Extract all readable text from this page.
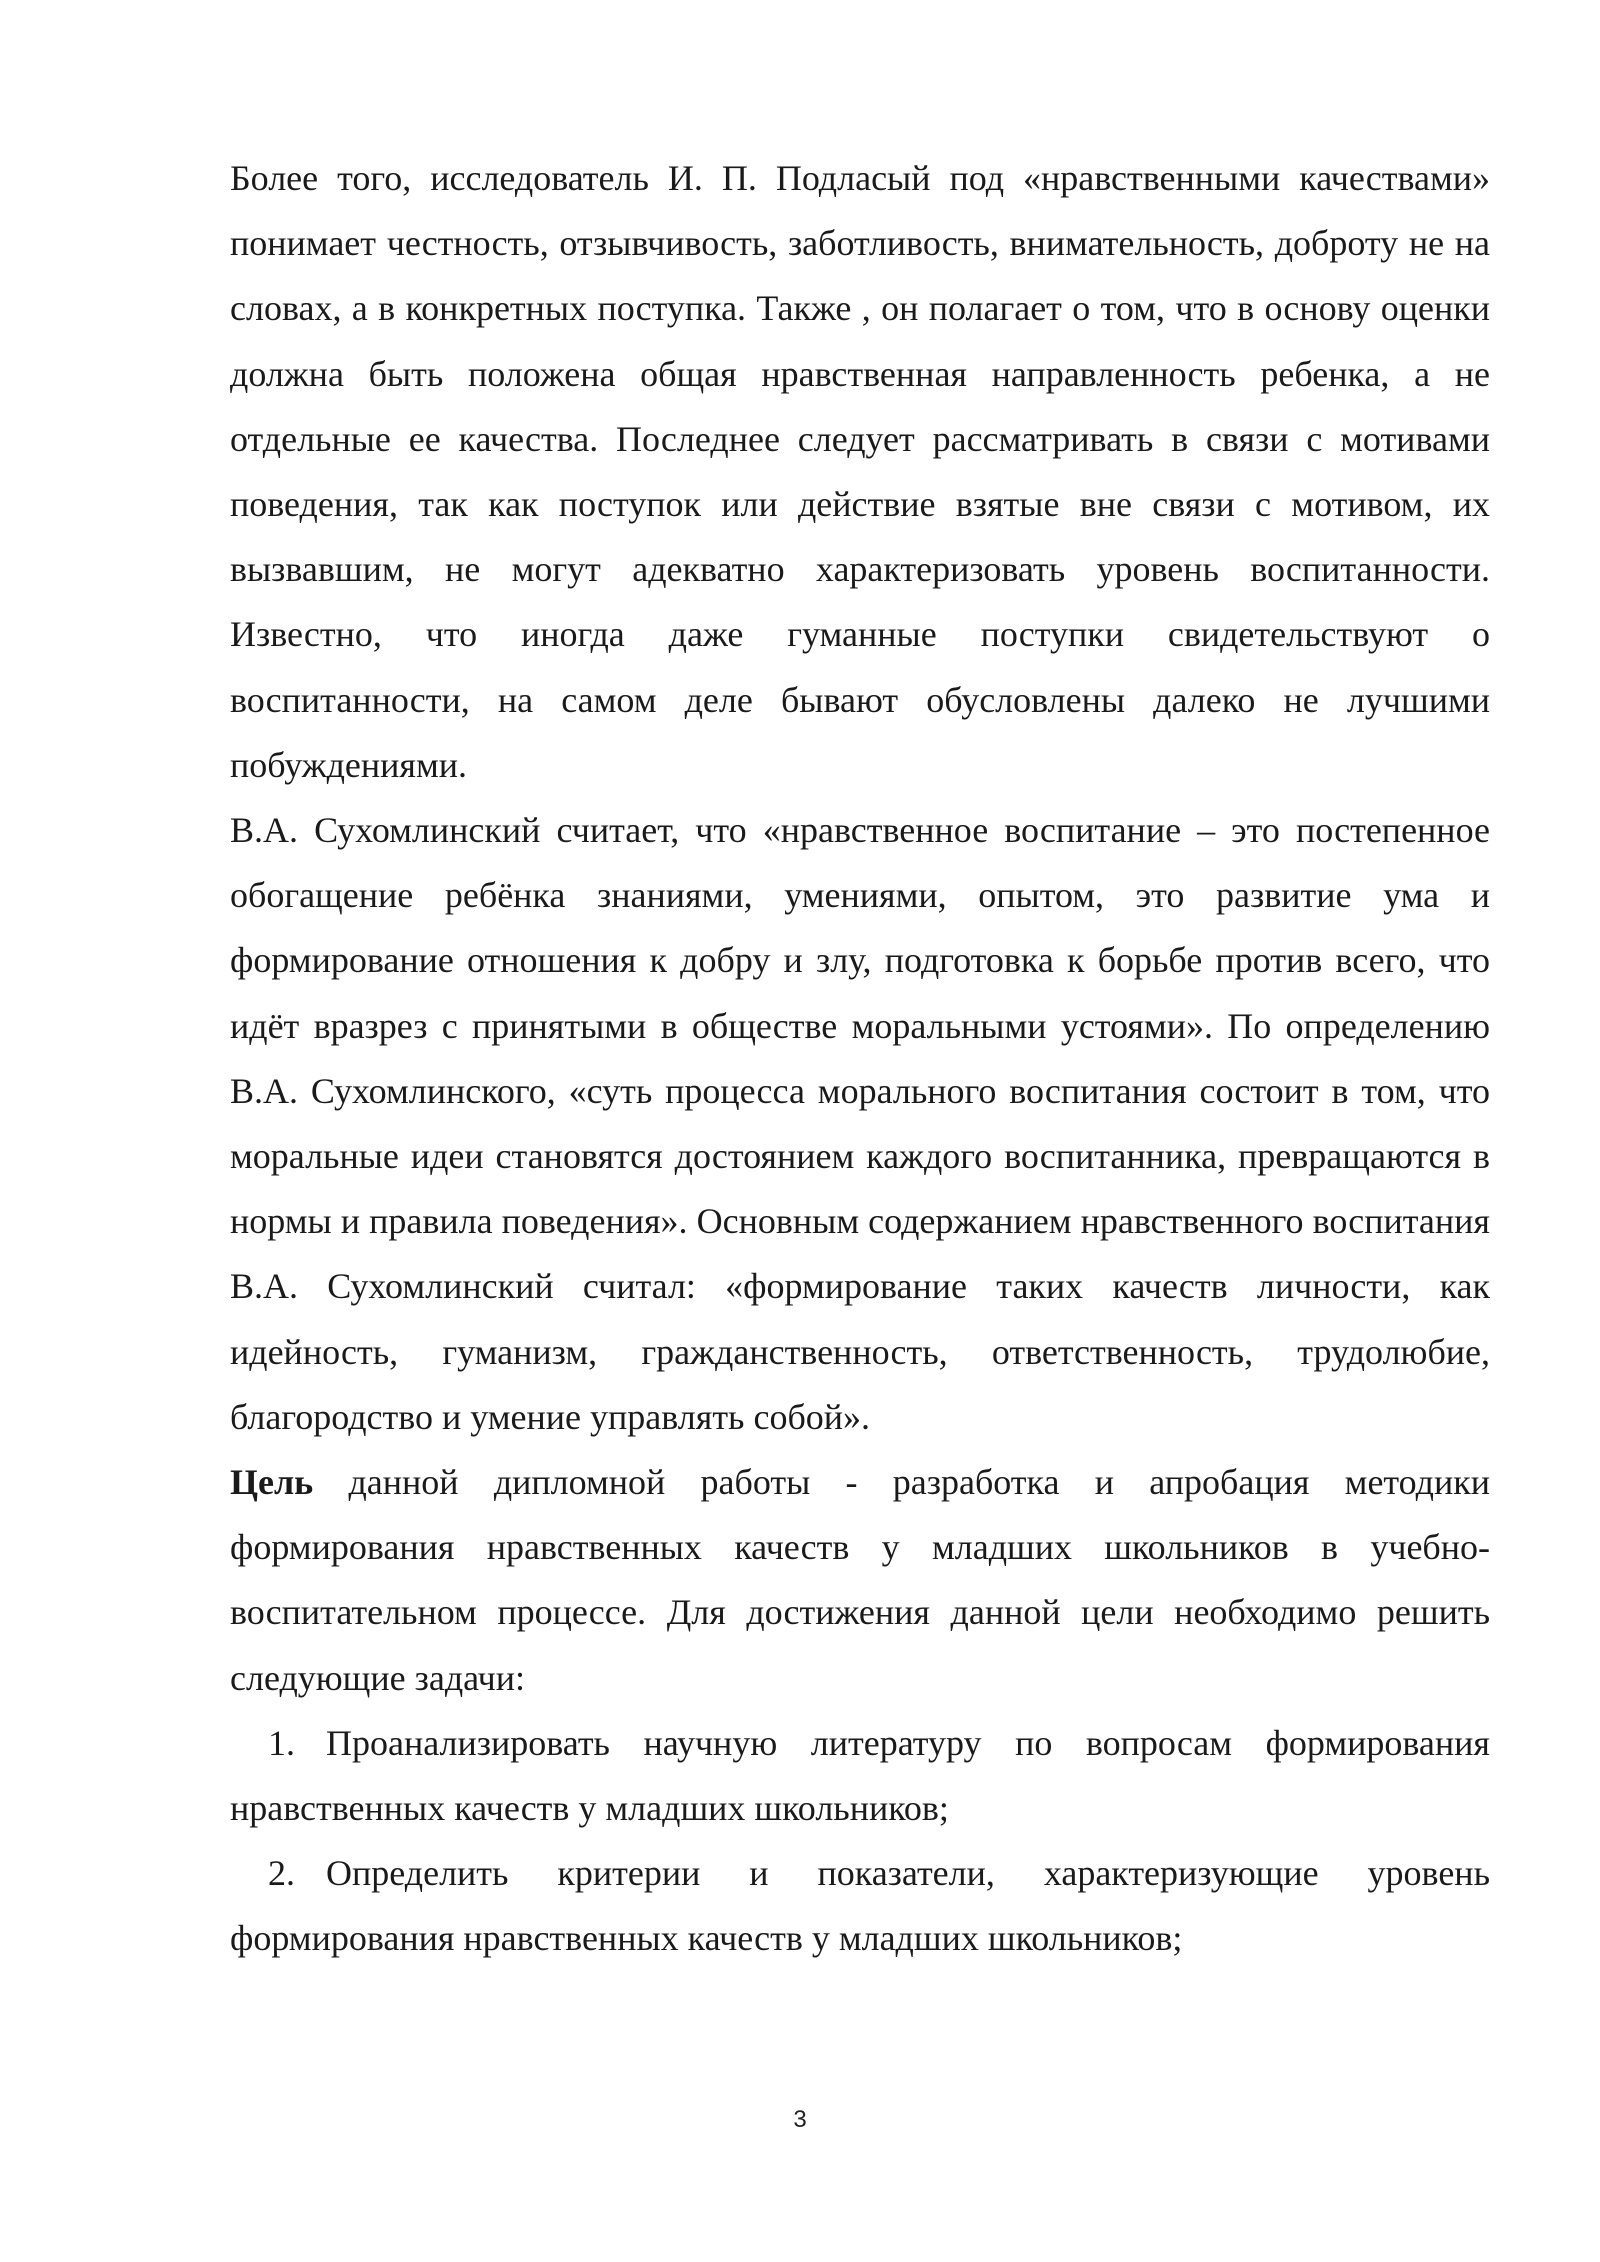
Более того, исследователь И. П. Подласый под «нравственными качествами» понимает честность, отзывчивость, заботливость, внимательность, доброту не на словах, а в конкретных поступка. Также , он полагает о том, что в основу оценки должна быть положена общая нравственная направленность ребенка, а не отдельные ее качества. Последнее следует рассматривать в связи с мотивами поведения, так как поступок или действие взятые вне связи с мотивом, их вызвавшим, не могут адекватно характеризовать уровень воспитанности. Известно, что иногда даже гуманные поступки свидетельствуют о воспитанности, на самом деле бывают обусловлены далеко не лучшими побуждениями.

В.А. Сухомлинский считает, что «нравственное воспитание – это постепенное обогащение ребёнка знаниями, умениями, опытом, это развитие ума и формирование отношения к добру и злу, подготовка к борьбе против всего, что идёт вразрез с принятыми в обществе моральными устоями». По определению В.А. Сухомлинского, «суть процесса морального воспитания состоит в том, что моральные идеи становятся достоянием каждого воспитанника, превращаются в нормы и правила поведения». Основным содержанием нравственного воспитания В.А. Сухомлинский считал: «формирование таких качеств личности, как идейность, гуманизм, гражданственность, ответственность, трудолюбие, благородство и умение управлять собой».

Цель данной дипломной работы - разработка и апробация методики формирования нравственных качеств у младших школьников в учебно-воспитательном процессе. Для достижения данной цели необходимо решить следующие задачи:

1. Проанализировать научную литературу по вопросам формирования нравственных качеств у младших школьников;

2. Определить критерии и показатели, характеризующие уровень формирования нравственных качеств у младших школьников;

3
